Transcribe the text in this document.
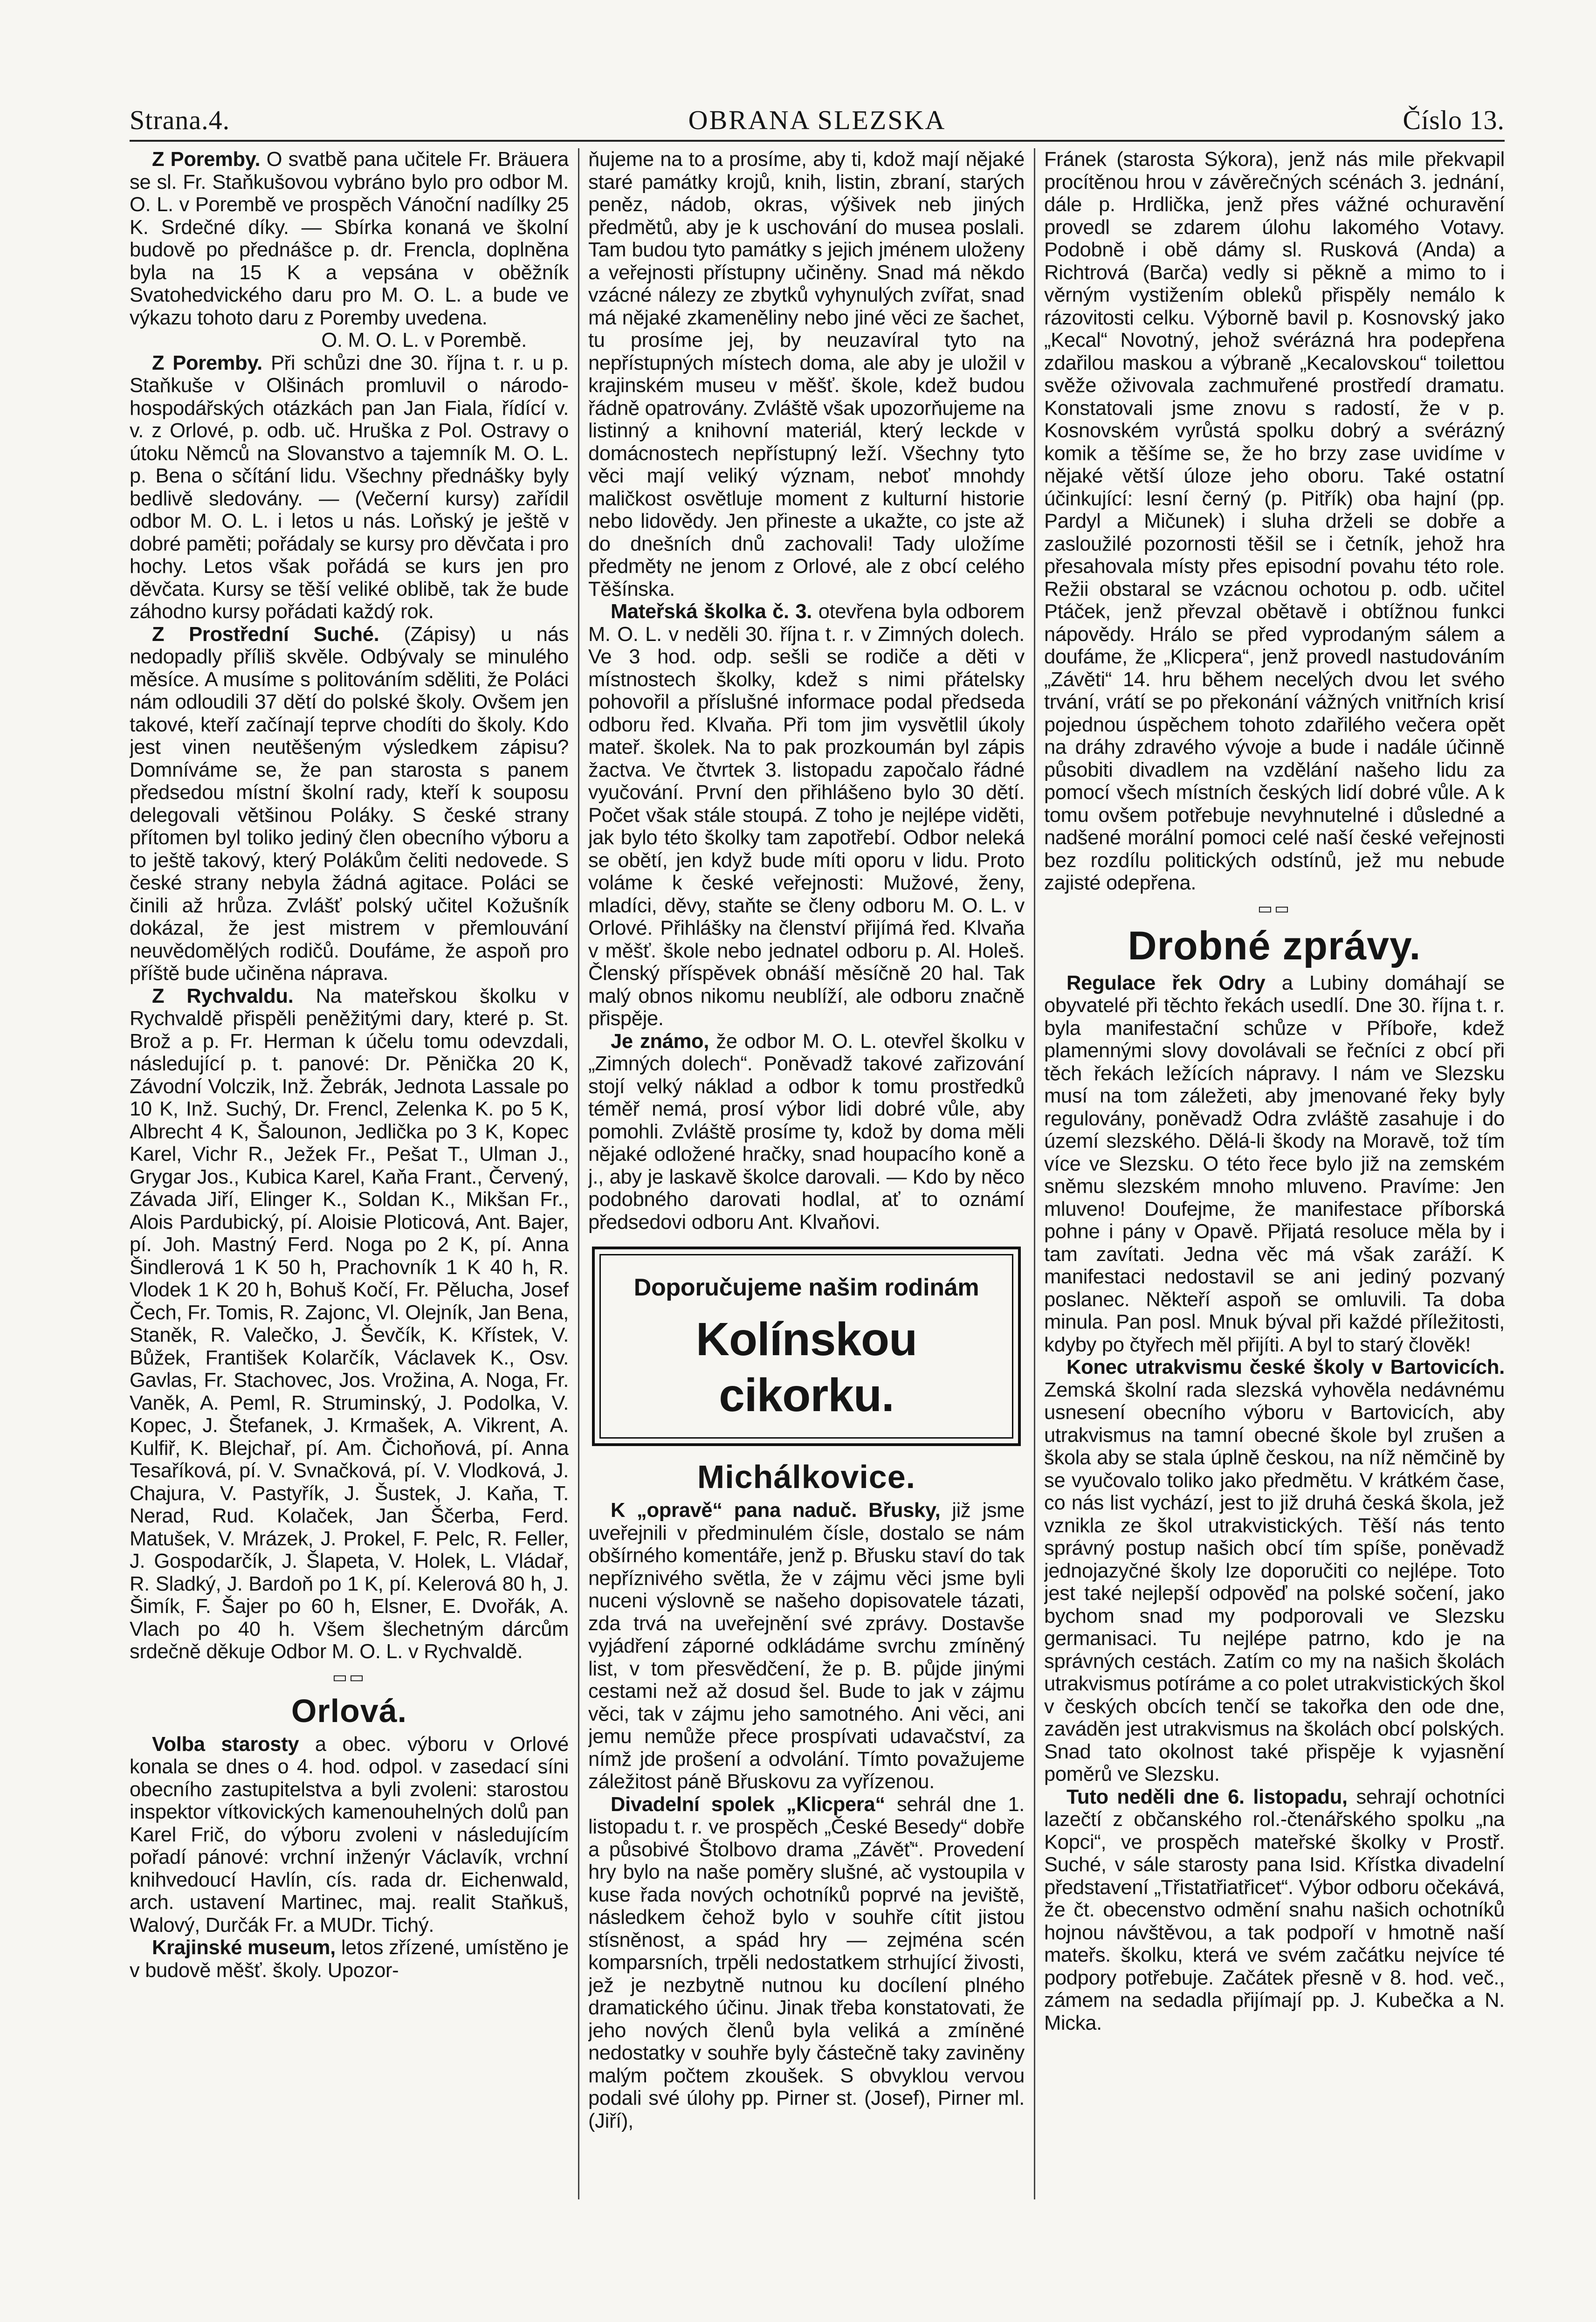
OBRANA SLEZSKA
Strana.4.	Číslo 13.

Z Poremby. O svatbě pana učitele Fr. Bräuera se sl. Fr. Staňkušovou vybráno bylo pro odbor M. O. L. v Porembě ve prospěch Vánoční nadílky 25 K. Srdečné díky. — Sbírka konaná ve školní budově po přednášce p. dr. Frencla, doplněna byla na 15 K a vepsána v oběžník Svatohedvického daru pro M. O. L. a bude ve výkazu tohoto daru z Poremby uvedena.

O. M. O. L. v Porembě.

Z Poremby. Při schůzi dne 30. října t. r. u p. Staňkuše v Olšinách promluvil o národo-hospodářských otázkách pan Jan Fiala, řídící v. v. z Orlové, p. odb. uč. Hruška z Pol. Ostravy o útoku Němců na Slovanstvo a tajemník M. O. L. p. Bena o sčítání lidu. Všechny přednášky byly bedlivě sledovány. — (Večerní kursy) zařídil odbor M. O. L. i letos u nás. Loňský je ještě v dobré paměti; pořádaly se kursy pro děvčata i pro hochy. Letos však pořádá se kurs jen pro děvčata. Kursy se těší veliké oblibě, tak že bude záhodno kursy pořádati každý rok.

Z Prostřední Suché. (Zápisy) u nás nedopadly příliš skvěle. Odbývaly se minulého měsíce. A musíme s politováním sděliti, že Poláci nám odloudili 37 dětí do polské školy. Ovšem jen takové, kteří začínají teprve chodíti do školy. Kdo jest vinen neutěšeným výsledkem zápisu? Domníváme se, že pan starosta s panem předsedou místní školní rady, kteří k souposu delegovali většinou Poláky. S české strany přítomen byl toliko jediný člen obecního výboru a to ještě takový, který Polákům čeliti nedovede. S české strany nebyla žádná agitace. Poláci se činili až hrůza. Zvlášť polský učitel Kožušník dokázal, že jest mistrem v přemlouvání neuvědomělých rodičů. Doufáme, že aspoň pro příště bude učiněna náprava.

Z Rychvaldu. Na mateřskou školku v Rychvaldě přispěli peněžitými dary, které p. St. Brož a p. Fr. Herman k účelu tomu odevzdali, následující p. t. panové: Dr. Pěnička 20 K, Závodní Volczik, Inž. Žebrák, Jednota Lassale po 10 K, Inž. Suchý, Dr. Frencl, Zelenka K. po 5 K, Albrecht 4 K, Šalounon, Jedlička po 3 K, Kopec Karel, Vichr R., Ježek Fr., Pešat T., Ulman J., Grygar Jos., Kubica Karel, Kaňa Frant., Červený, Závada Jiří, Elinger K., Soldan K., Mikšan Fr., Alois Pardubický, pí. Aloisie Ploticová, Ant. Bajer, pí. Joh. Mastný Ferd. Noga po 2 K, pí. Anna Šindlerová 1 K 50 h, Prachovník 1 K 40 h, R. Vlodek 1 K 20 h, Bohuš Kočí, Fr. Pělucha, Josef Čech, Fr. Tomis, R. Zajonc, Vl. Olejník, Jan Bena, Staněk, R. Valečko, J. Ševčík, K. Křístek, V. Bůžek, František Kolarčík, Václavek K., Osv. Gavlas, Fr. Stachovec, Jos. Vrožina, A. Noga, Fr. Vaněk, A. Peml, R. Struminský, J. Podolka, V. Kopec, J. Štefanek, J. Krmašek, A. Vikrent, A. Kulfiř, K. Blejchař, pí. Am. Čichoňová, pí. Anna Tesaříková, pí. V. Svnačková, pí. V. Vlodková, J. Chajura, V. Pastyřík, J. Šustek, J. Kaňa, T. Nerad, Rud. Kolaček, Jan Ščerba, Ferd. Matušek, V. Mrázek, J. Prokel, F. Pelc, R. Feller, J. Gospodarčík, J. Šlapeta, V. Holek, L. Vládař, R. Sladký, J. Bardoň po 1 K, pí. Kelerová 80 h, J. Šimík, F. Šajer po 60 h, Elsner, E. Dvořák, A. Vlach po 40 h. Všem šlechetným dárcům srdečně děkuje Odbor M. O. L. v Rychvaldě.

▭▭

Orlová.

Volba starosty a obec. výboru v Orlové konala se dnes o 4. hod. odpol. v zasedací síni obecního zastupitelstva a byli zvoleni: starostou inspektor vítkovických kamenouhelných dolů pan Karel Frič, do výboru zvoleni v následujícím pořadí pánové: vrchní inženýr Václavík, vrchní knihvedoucí Havlín, cís. rada dr. Eichenwald, arch. ustavení Martinec, maj. realit Staňkuš, Walový, Durčák Fr. a MUDr. Tichý.

Krajinské museum, letos zřízené, umístěno je v budově měšť. školy. Upozor-

ňujeme na to a prosíme, aby ti, kdož mají nějaké staré památky krojů, knih, listin, zbraní, starých peněz, nádob, okras, výšivek neb jiných předmětů, aby je k uschování do musea poslali. Tam budou tyto památky s jejich jménem uloženy a veřejnosti přístupny učiněny. Snad má někdo vzácné nálezy ze zbytků vyhynulých zvířat, snad má nějaké zkameněliny nebo jiné věci ze šachet, tu prosíme jej, by neuzavíral tyto na nepřístupných místech doma, ale aby je uložil v krajinském museu v měšť. škole, kdež budou řádně opatrovány. Zvláště však upozorňujeme na listinný a knihovní materiál, který leckde v domácnostech nepřístupný leží. Všechny tyto věci mají veliký význam, neboť mnohdy maličkost osvětluje moment z kulturní historie nebo lidovědy. Jen přineste a ukažte, co jste až do dnešních dnů zachovali! Tady uložíme předměty ne jenom z Orlové, ale z obcí celého Těšínska.

Mateřská školka č. 3. otevřena byla odborem M. O. L. v neděli 30. října t. r. v Zimných dolech. Ve 3 hod. odp. sešli se rodiče a děti v místnostech školky, kdež s nimi přátelsky pohovořil a příslušné informace podal předseda odboru řed. Klvaňa. Při tom jim vysvětlil úkoly mateř. školek. Na to pak prozkoumán byl zápis žactva. Ve čtvrtek 3. listopadu započalo řádné vyučování. První den přihlášeno bylo 30 dětí. Počet však stále stoupá. Z toho je nejlépe viděti, jak bylo této školky tam zapotřebí. Odbor neleká se obětí, jen když bude míti oporu v lidu. Proto voláme k české veřejnosti: Mužové, ženy, mladíci, děvy, staňte se členy odboru M. O. L. v Orlové. Přihlášky na členství přijímá řed. Klvaňa v měšť. škole nebo jednatel odboru p. Al. Holeš. Členský příspěvek obnáší měsíčně 20 hal. Tak malý obnos nikomu neublíží, ale odboru značně přispěje.

Je známo, že odbor M. O. L. otevřel školku v „Zimných dolech“. Poněvadž takové zařizování stojí velký náklad a odbor k tomu prostředků téměř nemá, prosí výbor lidi dobré vůle, aby pomohli. Zvláště prosíme ty, kdož by doma měli nějaké odložené hračky, snad houpacího koně a j., aby je laskavě školce darovali. — Kdo by něco podobného darovati hodlal, ať to oznámí předsedovi odboru Ant. Klvaňovi.

Doporučujeme našim rodinám
Kolínskou cikorku.
Michálkovice.

K „opravě“ pana naduč. Břusky, již jsme uveřejnili v předminulém čísle, dostalo se nám obšírného komentáře, jenž p. Břusku staví do tak nepříznivého světla, že v zájmu věci jsme byli nuceni výslovně se našeho dopisovatele tázati, zda trvá na uveřejnění své zprávy. Dostavše vyjádření záporné odkládáme svrchu zmíněný list, v tom přesvědčení, že p. B. půjde jinými cestami než až dosud šel. Bude to jak v zájmu věci, tak v zájmu jeho samotného. Ani věci, ani jemu nemůže přece prospívati udavačství, za nímž jde prošení a odvolání. Tímto považujeme záležitost páně Břuskovu za vyřízenou.

Divadelní spolek „Klicpera“ sehrál dne 1. listopadu t. r. ve prospěch „České Besedy“ dobře a působivé Štolbovo drama „Závěť“. Provedení hry bylo na naše poměry slušné, ač vystoupila v kuse řada nových ochotníků poprvé na jeviště, následkem čehož bylo v souhře cítit jistou stísněnost, a spád hry — zejména scén komparsních, trpěli nedostatkem strhující živosti, jež je nezbytně nutnou ku docílení plného dramatického účinu. Jinak třeba konstatovati, že jeho nových členů byla veliká a zmíněné nedostatky v souhře byly částečně taky zaviněny malým počtem zkoušek. S obvyklou vervou podali své úlohy pp. Pirner st. (Josef), Pirner ml. (Jiří),

Fránek (starosta Sýkora), jenž nás mile překvapil procítěnou hrou v závěrečných scénách 3. jednání, dále p. Hrdlička, jenž přes vážné ochuravění provedl se zdarem úlohu lakomého Votavy. Podobně i obě dámy sl. Rusková (Anda) a Richtrová (Barča) vedly si pěkně a mimo to i věrným vystižením obleků přispěly nemálo k rázovitosti celku. Výborně bavil p. Kosnovský jako „Kecal“ Novotný, jehož svérázná hra podepřena zdařilou maskou a výbraně „Kecalovskou“ toilettou svěže oživovala zachmuřené prostředí dramatu. Konstatovali jsme znovu s radostí, že v p. Kosnovském vyrůstá spolku dobrý a svérázný komik a těšíme se, že ho brzy zase uvidíme v nějaké větší úloze jeho oboru. Také ostatní účinkující: lesní černý (p. Pitřík) oba hajní (pp. Pardyl a Mičunek) i sluha drželi se dobře a zasloužilé pozornosti těšil se i četník, jehož hra přesahovala místy přes episodní povahu této role. Režii obstaral se vzácnou ochotou p. odb. učitel Ptáček, jenž převzal obětavě i obtížnou funkci nápovědy. Hrálo se před vyprodaným sálem a doufáme, že „Klicpera“, jenž provedl nastudováním „Závěti“ 14. hru během necelých dvou let svého trvání, vrátí se po překonání vážných vnitřních krisí pojednou úspěchem tohoto zdařilého večera opět na dráhy zdravého vývoje a bude i nadále účinně působiti divadlem na vzdělání našeho lidu za pomocí všech místních českých lidí dobré vůle. A k tomu ovšem potřebuje nevyhnutelné i důsledné a nadšené morální pomoci celé naší české veřejnosti bez rozdílu politických odstínů, jež mu nebude zajisté odepřena.

▭▭

Drobné zprávy.

Regulace řek Odry a Lubiny domáhají se obyvatelé při těchto řekách usedlí. Dne 30. října t. r. byla manifestační schůze v Příboře, kdež plamennými slovy dovolávali se řečníci z obcí při těch řekách ležících nápravy. I nám ve Slezsku musí na tom záležeti, aby jmenované řeky byly regulovány, poněvadž Odra zvláště zasahuje i do území slezského. Dělá-li škody na Moravě, tož tím více ve Slezsku. O této řece bylo již na zemském sněmu slezském mnoho mluveno. Pravíme: Jen mluveno! Doufejme, že manifestace příborská pohne i pány v Opavě. Přijatá resoluce měla by i tam zavítati. Jedna věc má však zaráží. K manifestaci nedostavil se ani jediný pozvaný poslanec. Někteří aspoň se omluvili. Ta doba minula. Pan posl. Mnuk býval při každé příležitosti, kdyby po čtyřech měl přijíti. A byl to starý člověk!

Konec utrakvismu české školy v Bartovicích. Zemská školní rada slezská vyhověla nedávnému usnesení obecního výboru v Bartovicích, aby utrakvismus na tamní obecné škole byl zrušen a škola aby se stala úplně českou, na níž němčině by se vyučovalo toliko jako předmětu. V krátkém čase, co nás list vychází, jest to již druhá česká škola, jež vznikla ze škol utrakvistických. Těší nás tento správný postup našich obcí tím spíše, poněvadž jednojazyčné školy lze doporučiti co nejlépe. Toto jest také nejlepší odpověď na polské sočení, jako bychom snad my podporovali ve Slezsku germanisaci. Tu nejlépe patrno, kdo je na správných cestách. Zatím co my na našich školách utrakvismus potíráme a co polet utrakvistických škol v českých obcích tenčí se takořka den ode dne, zaváděn jest utrakvismus na školách obcí polských. Snad tato okolnost také přispěje k vyjasnění poměrů ve Slezsku.

Tuto neděli dne 6. listopadu, sehrají ochotníci lazečtí z občanského rol.-čtenářského spolku „na Kopci“, ve prospěch mateřské školky v Prostř. Suché, v sále starosty pana Isid. Křístka divadelní představení „Třistatřiatřicet“. Výbor odboru očekává, že čt. obecenstvo odmění snahu našich ochotníků hojnou návštěvou, a tak podpoří v hmotně naší mateřs. školku, která ve svém začátku nejvíce té podpory potřebuje. Začátek přesně v 8. hod. več., zámem na sedadla přijímají pp. J. Kubečka a N. Micka.
